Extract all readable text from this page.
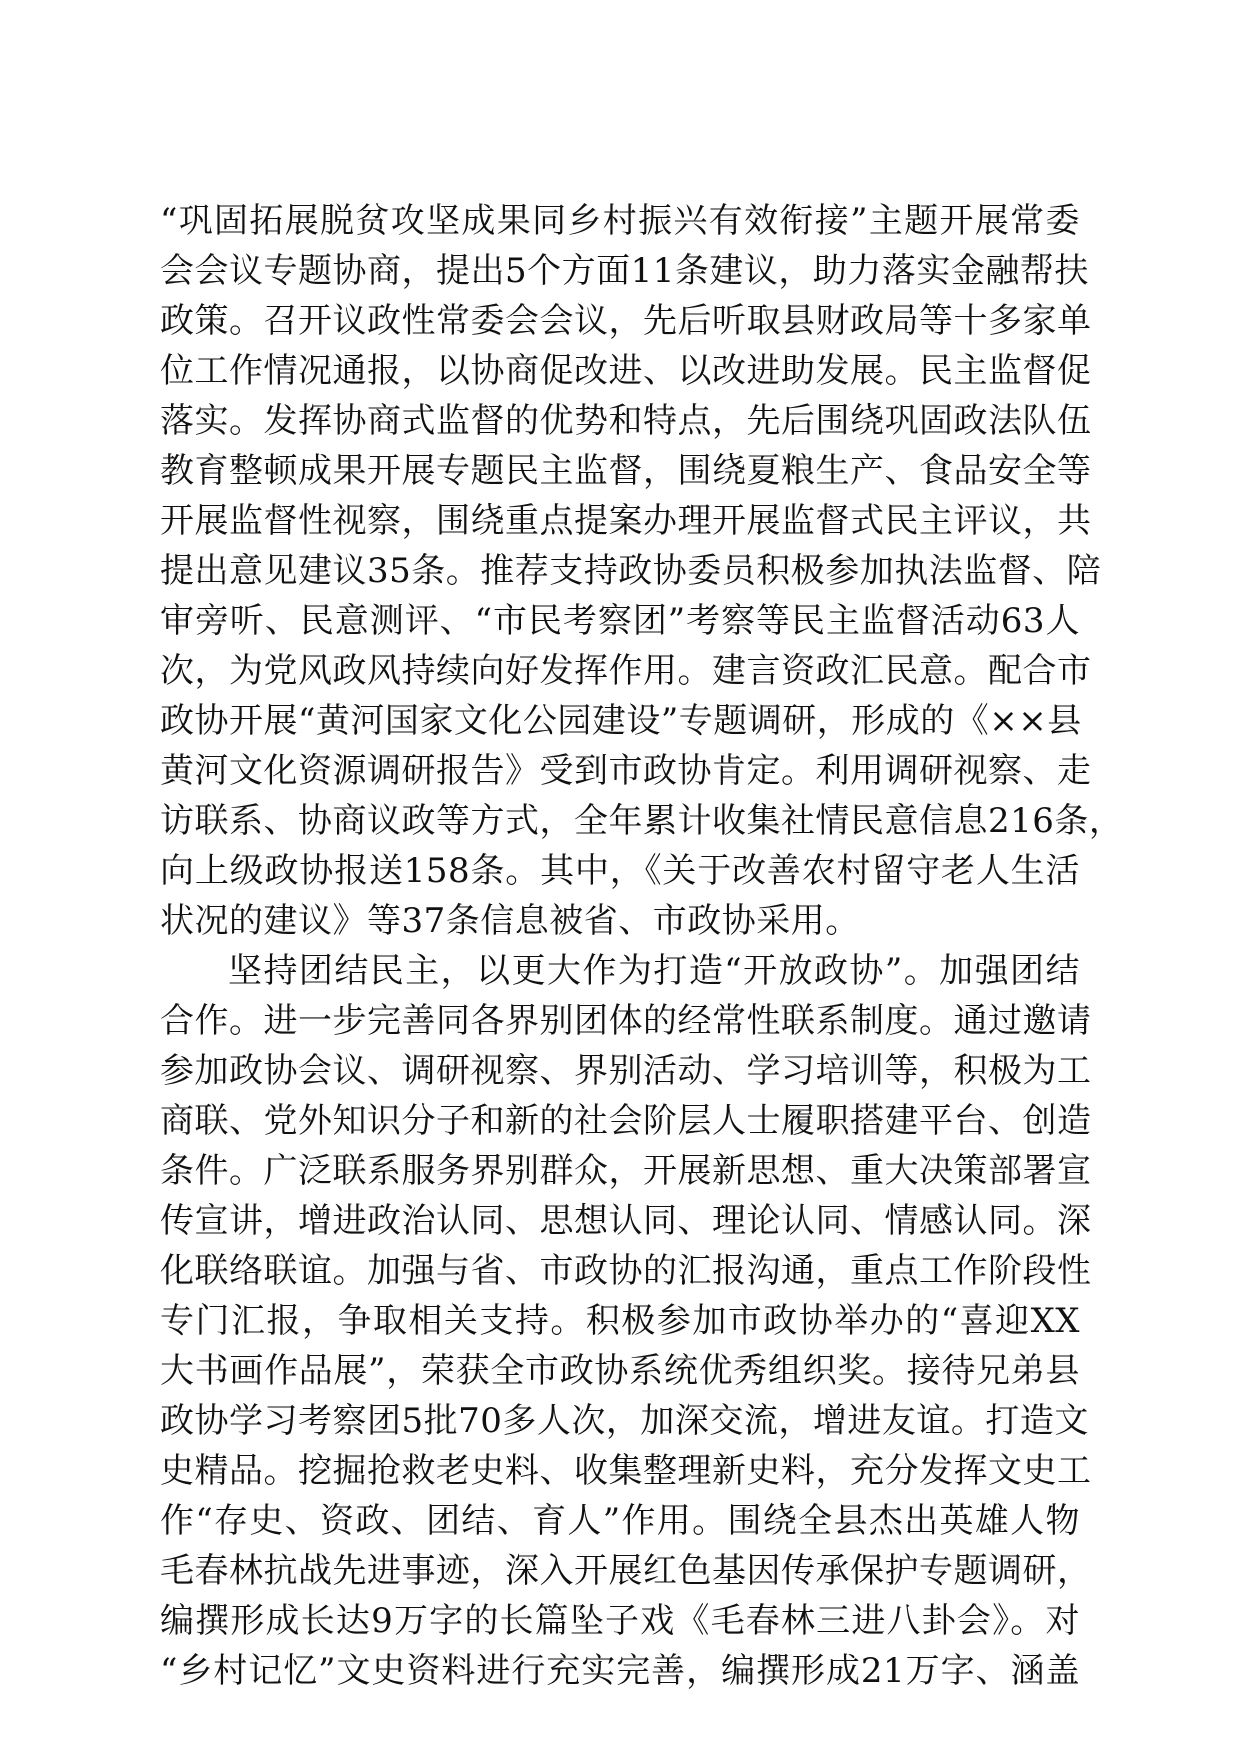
“巩固拓展脱贫攻坚成果同乡村振兴有效衔接”主题开展常委
会会议专题协商，提出5个方面11条建议，助力落实金融帮扶
政策。召开议政性常委会会议，先后听取县财政局等十多家单
位工作情况通报，以协商促改进、以改进助发展。民主监督促
落实。发挥协商式监督的优势和特点，先后围绕巩固政法队伍
教育整顿成果开展专题民主监督，围绕夏粮生产、食品安全等
开展监督性视察，围绕重点提案办理开展监督式民主评议，共
提出意见建议35条。推荐支持政协委员积极参加执法监督、陪
审旁听、民意测评、“市民考察团”考察等民主监督活动63人
次，为党风政风持续向好发挥作用。建言资政汇民意。配合市
政协开展“黄河国家文化公园建设”专题调研，形成的《××县
黄河文化资源调研报告》受到市政协肯定。利用调研视察、走
访联系、协商议政等方式，全年累计收集社情民意信息216条，
向上级政协报送158条。其中，《关于改善农村留守老人生活
状况的建议》等37条信息被省、市政协采用。
坚持团结民主，以更大作为打造“开放政协”。加强团结
合作。进一步完善同各界别团体的经常性联系制度。通过邀请
参加政协会议、调研视察、界别活动、学习培训等，积极为工
商联、党外知识分子和新的社会阶层人士履职搭建平台、创造
条件。广泛联系服务界别群众，开展新思想、重大决策部署宣
传宣讲，增进政治认同、思想认同、理论认同、情感认同。深
化联络联谊。加强与省、市政协的汇报沟通，重点工作阶段性
专门汇报，争取相关支持。积极参加市政协举办的“喜迎XX
大书画作品展”，荣获全市政协系统优秀组织奖。接待兄弟县
政协学习考察团5批70多人次，加深交流，增进友谊。打造文
史精品。挖掘抢救老史料、收集整理新史料，充分发挥文史工
作“存史、资政、团结、育人”作用。围绕全县杰出英雄人物
毛春林抗战先进事迹，深入开展红色基因传承保护专题调研，
编撰形成长达9万字的长篇坠子戏《毛春林三进八卦会》。对
“乡村记忆”文史资料进行充实完善，编撰形成21万字、涵盖
